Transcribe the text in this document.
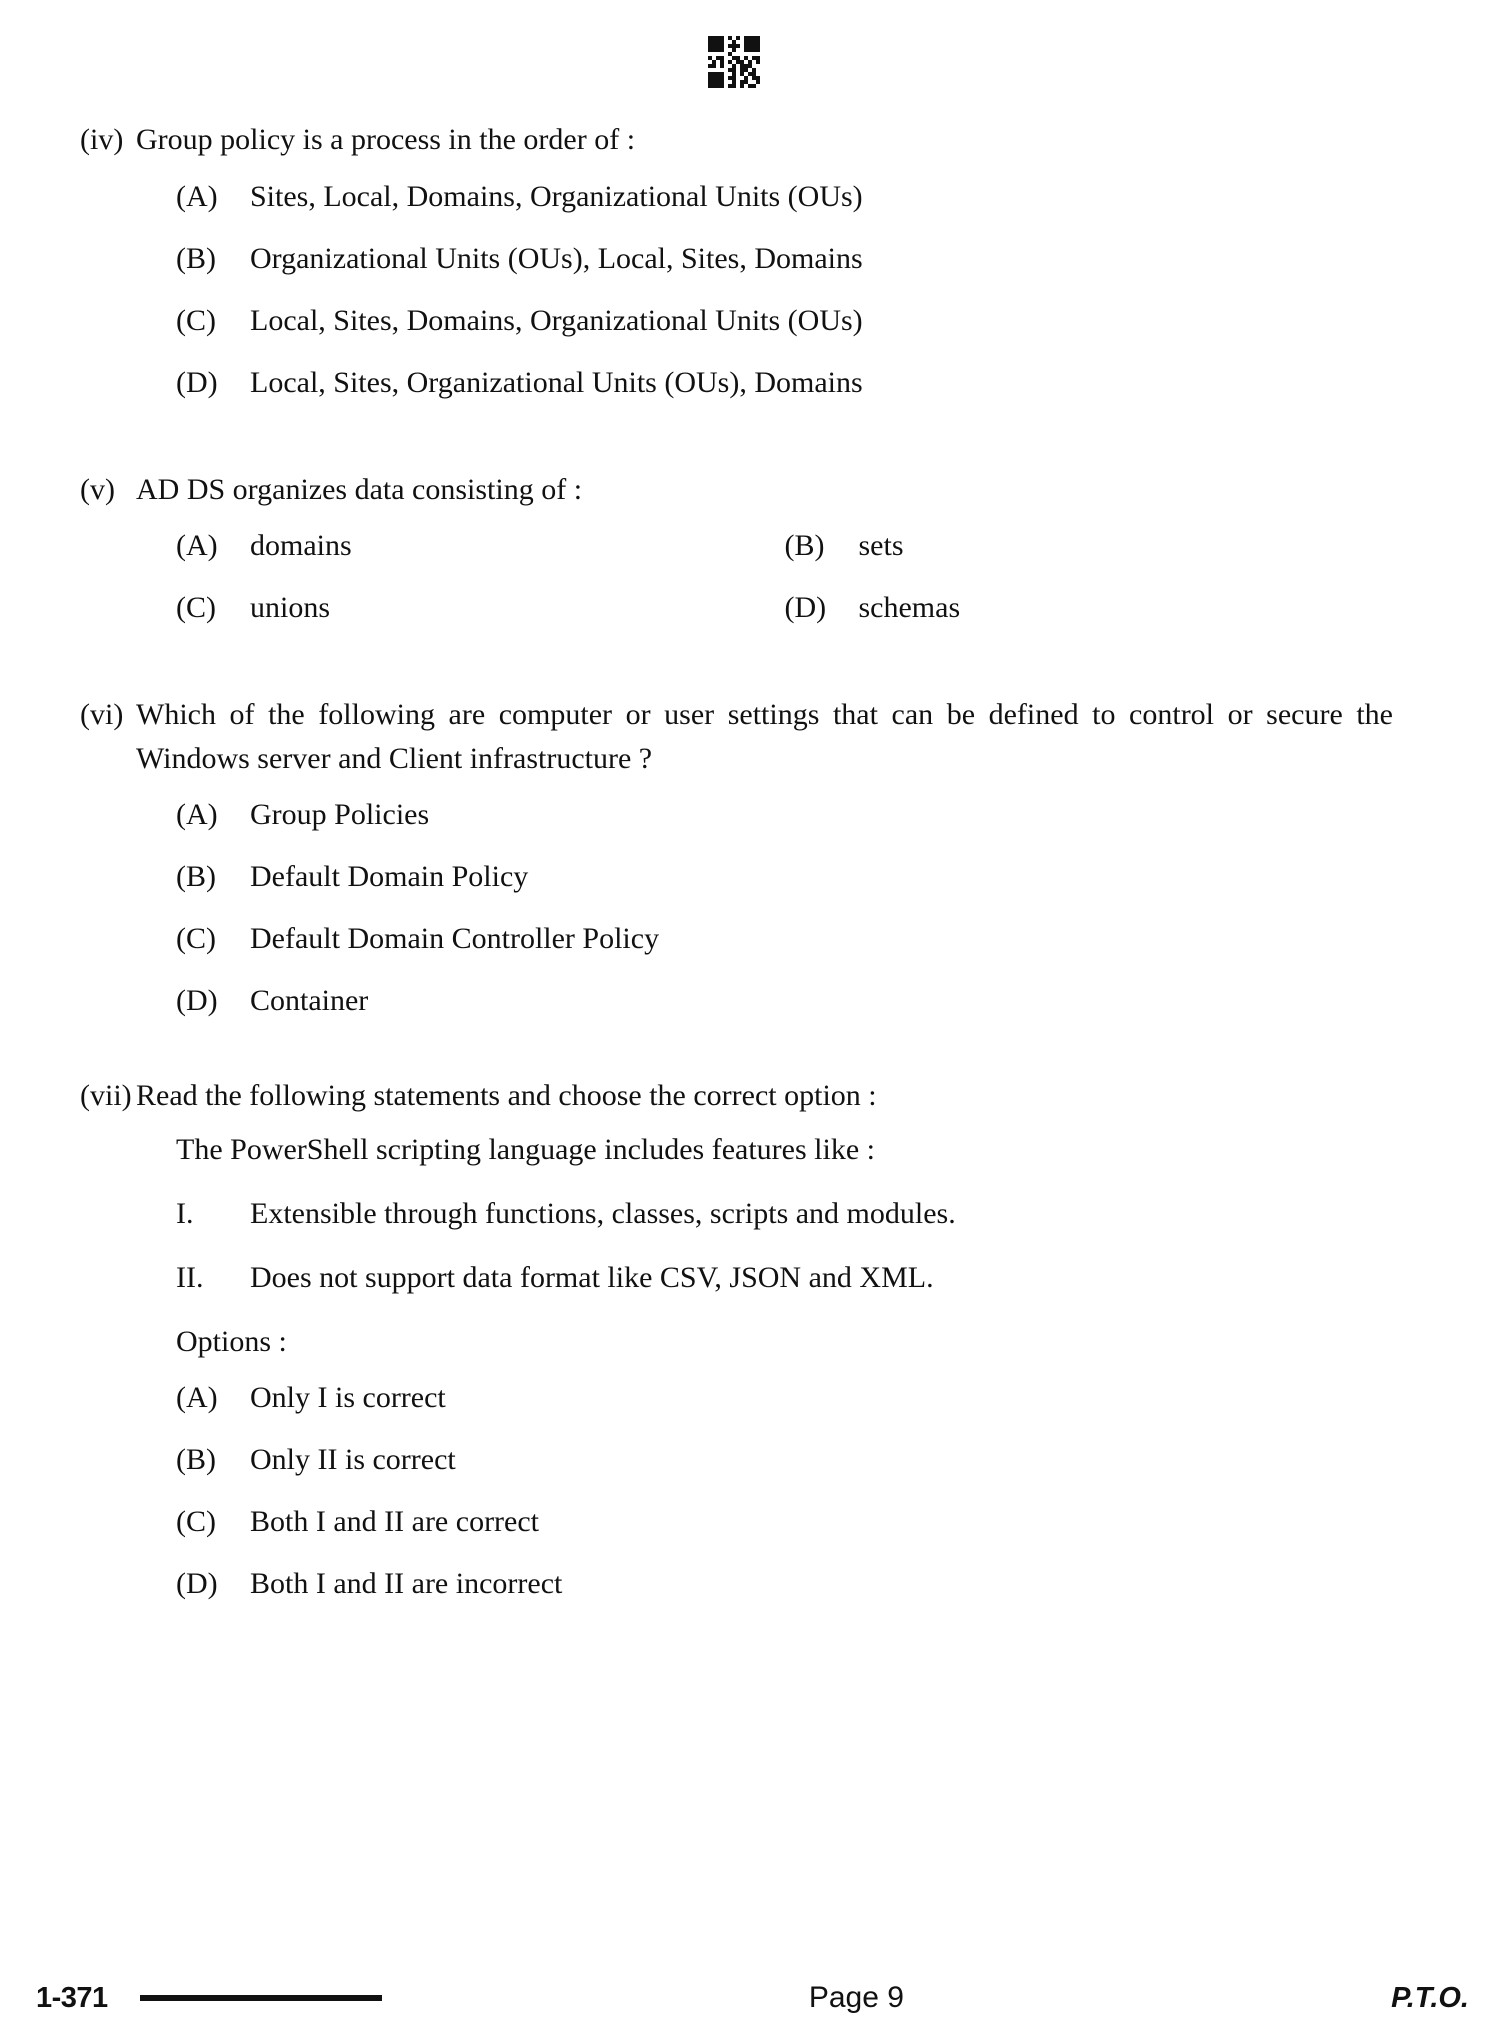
(iv) Group policy is a process in the order of :
(A)	Sites, Local, Domains, Organizational Units (OUs)
(B)	Organizational Units (OUs), Local, Sites, Domains
(C)	Local, Sites, Domains, Organizational Units (OUs)
(D)	Local, Sites, Organizational Units (OUs), Domains
(v) AD DS organizes data consisting of :
(A)	domains	(B)	sets
(C)	unions	(D)	schemas
(vi) Which of the following are computer or user settings that can be defined to control or secure the Windows server and Client infrastructure ?
(A)	Group Policies
(B)	Default Domain Policy
(C)	Default Domain Controller Policy
(D)	Container
(vii) Read the following statements and choose the correct option :
The PowerShell scripting language includes features like :
I.	Extensible through functions, classes, scripts and modules.
II.	Does not support data format like CSV, JSON and XML.
Options :
(A)	Only I is correct
(B)	Only II is correct
(C)	Both I and II are correct
(D)	Both I and II are incorrect
1-371	Page 9	P.T.O.
